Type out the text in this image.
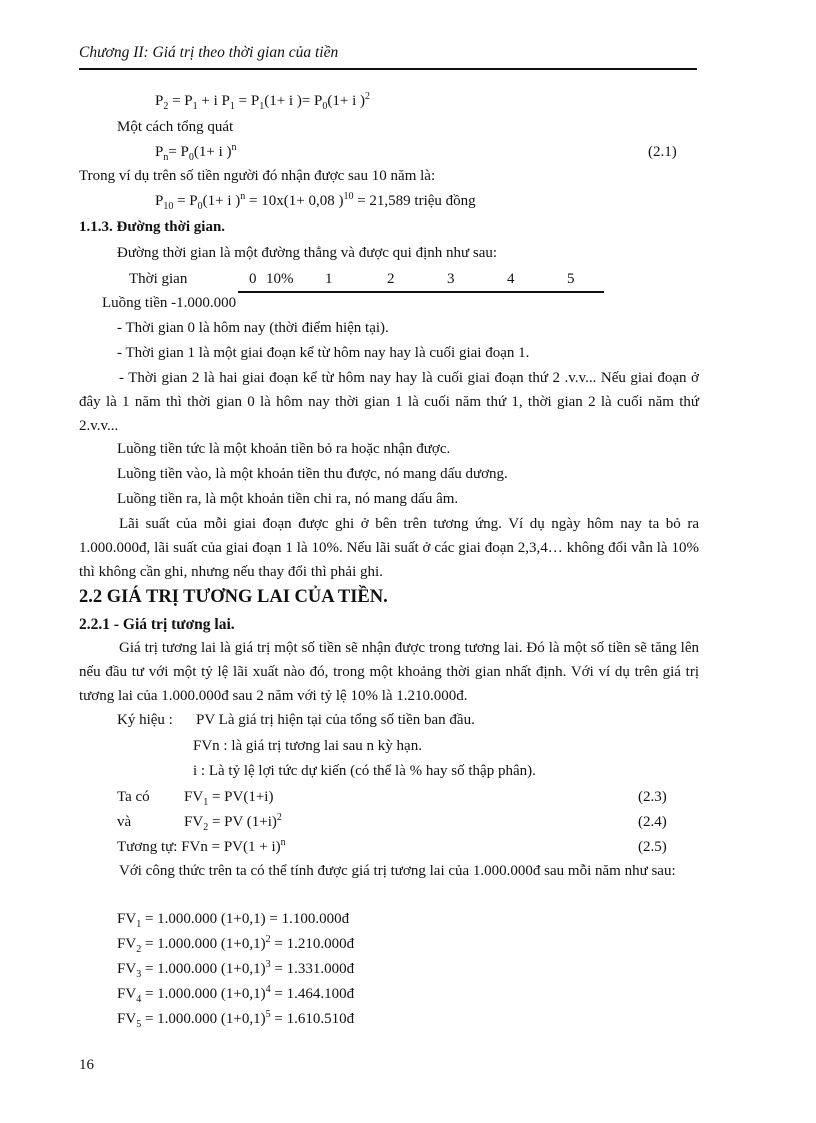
Chương II: Giá trị theo thời gian của tiền
$P_2 = P_1 + i$ $P_1 = P_1(1+ i$ )= $P_0(1+ i$ )$^2$
Một cách tổng quát
$P_n= P_0(1+ i$ )$^n$	(2.1)
Trong ví dụ trên số tiền người đó nhận được sau 10 năm là:
$P_{10} = P_0(1+ i$ )$^n$ = 10x(1+ 0,08 )$^{10}$ = 21,589 triệu đồng
1.1.3. Đường thời gian.
Đường thời gian là một đường thẳng và được qui định như sau:
Thời gian	0 10% 1	2	3	4	5
Luồng tiền -1.000.000
- Thời gian 0 là hôm nay (thời điểm hiện tại).
- Thời gian 1 là một giai đoạn kể từ hôm nay hay là cuối giai đoạn 1.
- Thời gian 2 là hai giai đoạn kể từ hôm nay hay là cuối giai đoạn thứ 2 .v.v... Nếu giai đoạn ở đây là 1 năm thì thời gian 0 là hôm nay thời gian 1 là cuối năm thứ 1, thời gian 2 là cuối năm thứ 2.v.v...
Luồng tiền tức là một khoản tiền bỏ ra hoặc nhận được.
Luồng tiền vào, là một khoản tiền thu được, nó mang dấu dương.
Luồng tiền ra, là một khoản tiền chi ra, nó mang dấu âm.
Lãi suất của mỗi giai đoạn được ghi ở bên trên tương ứng. Ví dụ ngày hôm nay ta bỏ ra 1.000.000đ, lãi suất của giai đoạn 1 là 10%. Nếu lãi suất ở các giai đoạn 2,3,4… không đổi vẫn là 10% thì không cần ghi, nhưng nếu thay đổi thì phải ghi.
2.2 GIÁ TRỊ TƯƠNG LAI CỦA TIỀN.
2.2.1 - Giá trị tương lai.
Giá trị tương lai là giá trị một số tiền sẽ nhận được trong tương lai. Đó là một số tiền sẽ tăng lên nếu đầu tư với một tỷ lệ lãi xuất nào đó, trong một khoảng thời gian nhất định. Với ví dụ trên giá trị tương lai của 1.000.000đ sau 2 năm với tỷ lệ 10% là 1.210.000đ.
Ký hiệu : PV Là giá trị hiện tại của tổng số tiền ban đầu.
FVn : là giá trị tương lai sau n kỳ hạn.
i : Là tỷ lệ lợi tức dự kiến (có thể là % hay số thập phân).
Ta có $FV_1 = PV(1+i)$	(2.3)
và	$FV_2$ = PV $(1+i)^2$	(2.4)
Tương tự: FVn = $PV(1 + i)^n$	(2.5)
Với công thức trên ta có thể tính được giá trị tương lai của 1.000.000đ sau mỗi năm như sau:
$FV_1 = 1.000.000$ (1+0,1) = 1.100.000đ
$FV_2 = 1.000.000$ $(1+0,1)^2$ = 1.210.000đ
$FV_3 = 1.000.000$ $(1+0,1)^3$ = 1.331.000đ
$FV_4 = 1.000.000$ $(1+0,1)^4$ = 1.464.100đ
$FV_5 = 1.000.000$ $(1+0,1)^5$ = 1.610.510đ
16
